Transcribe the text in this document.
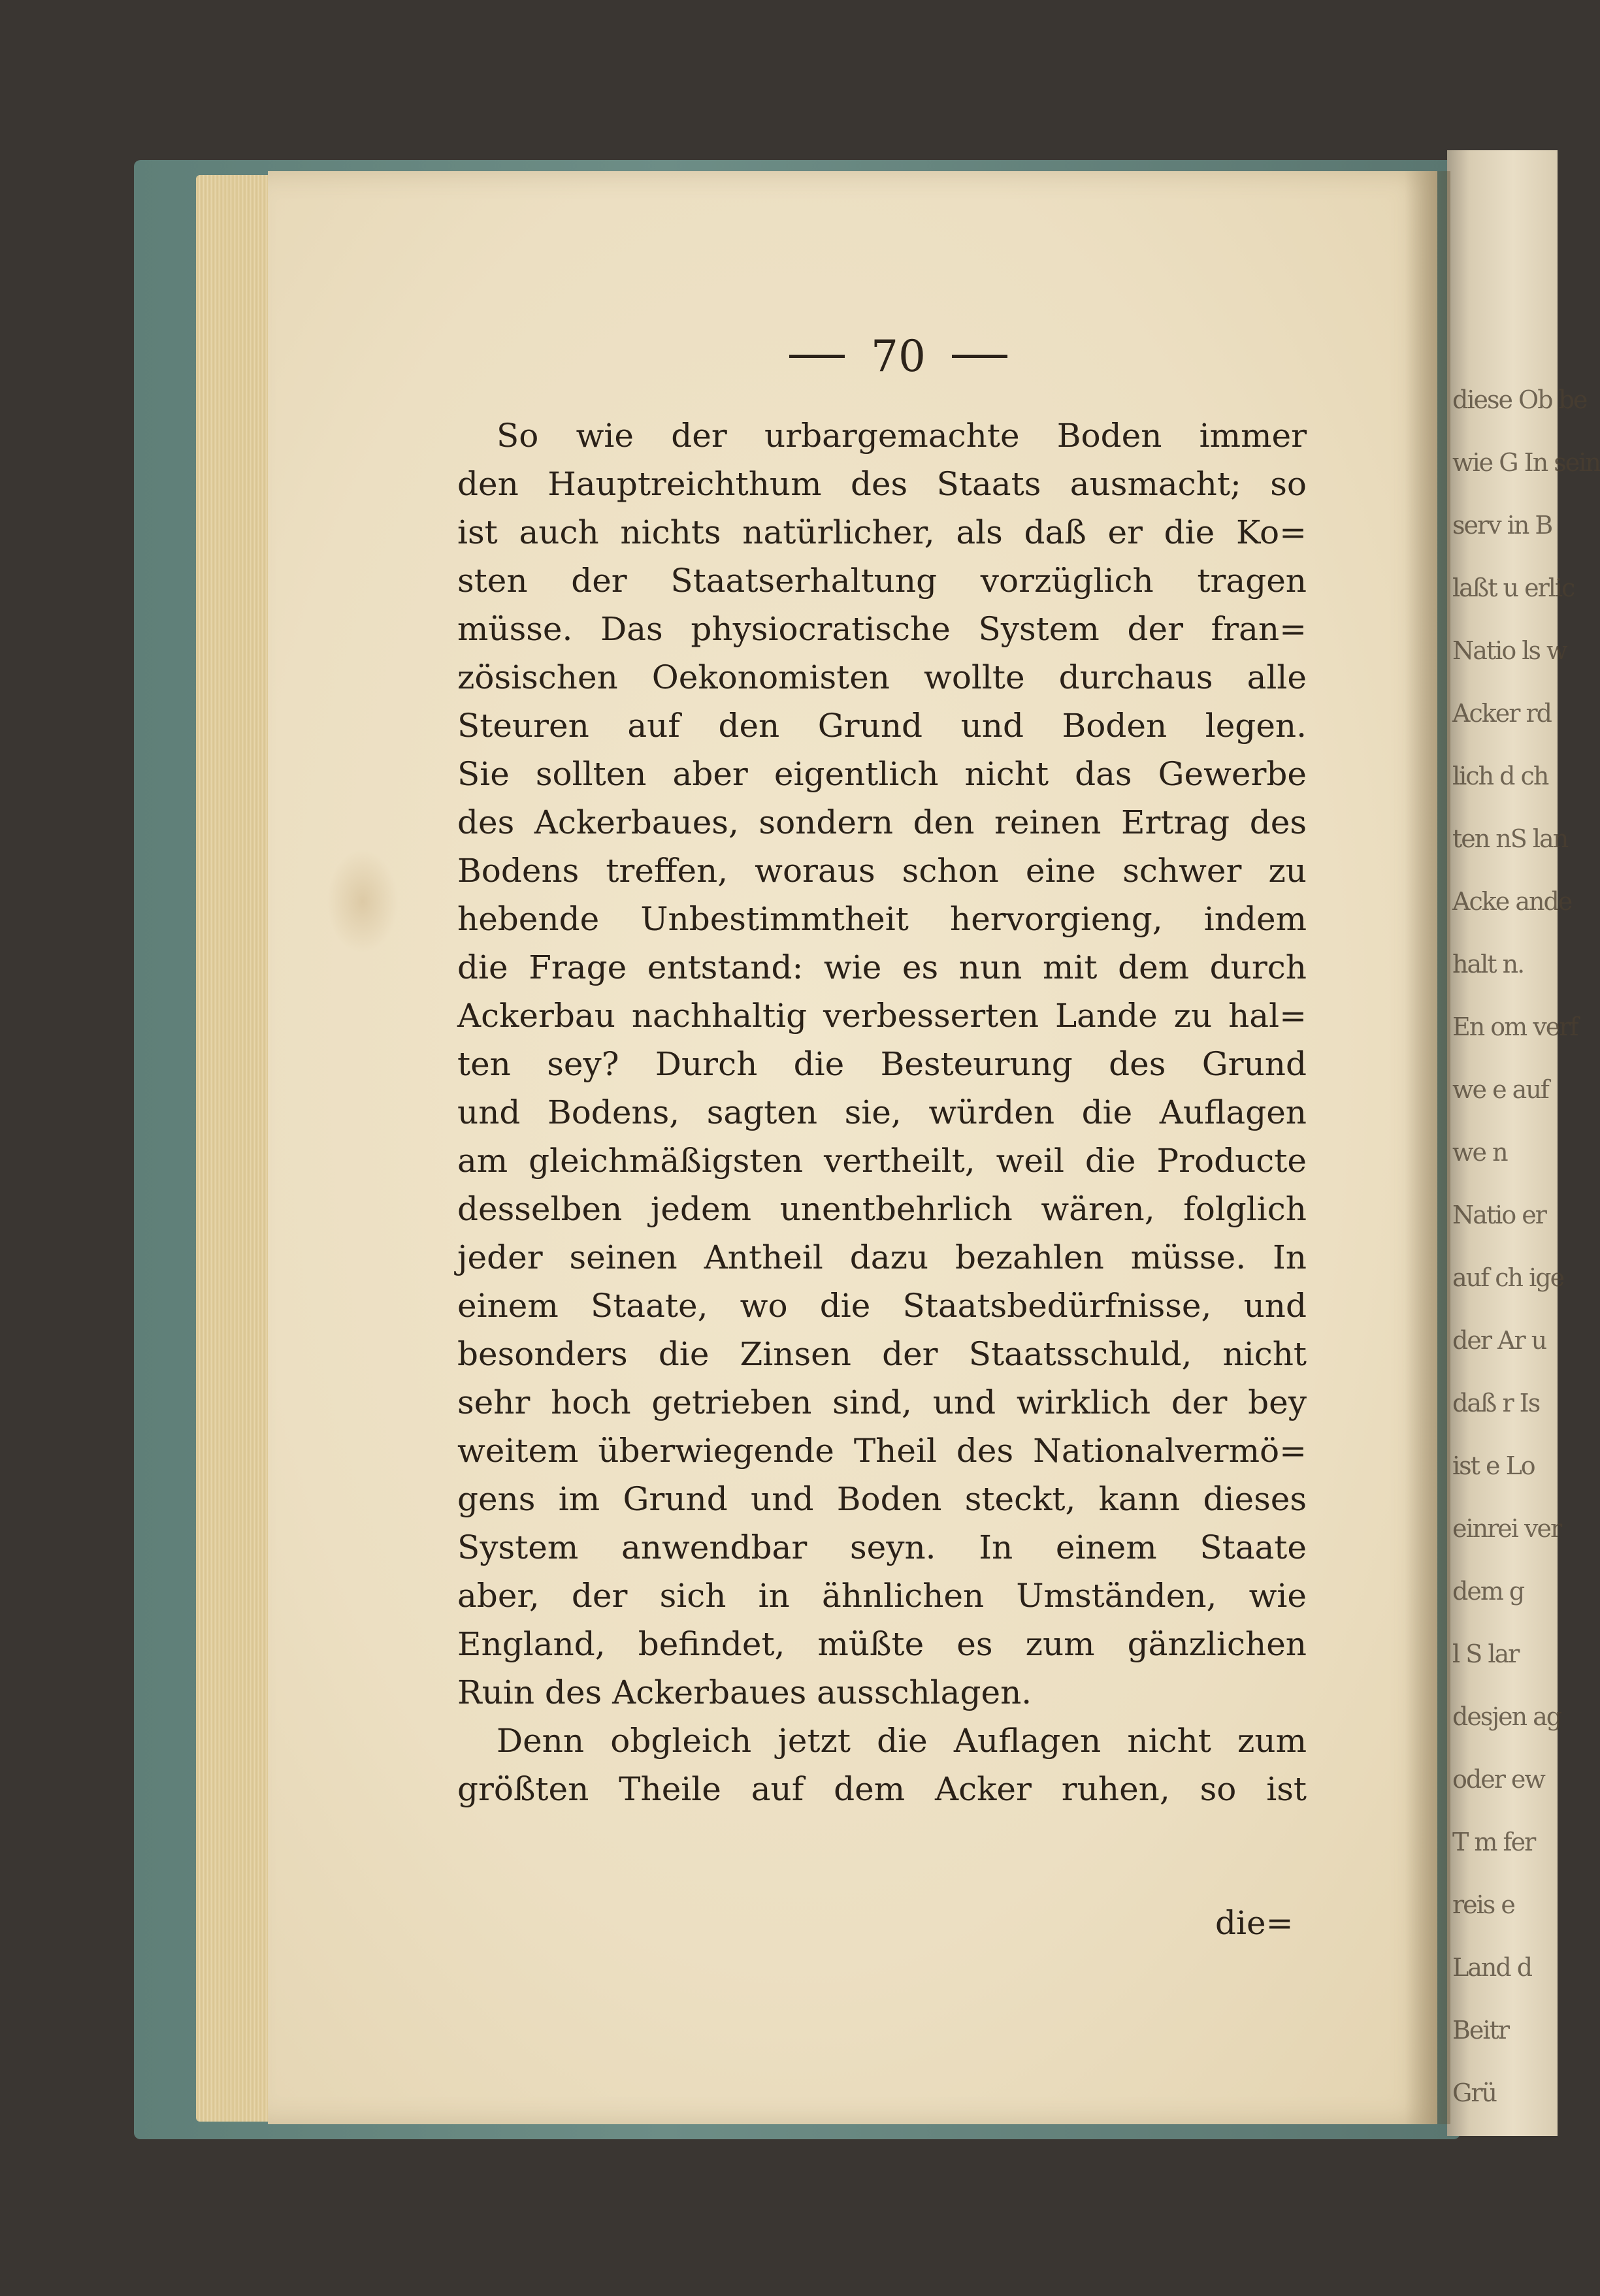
diese Ob be
wie G In sein
serv in B
laßt u erlic
Natio ls w
Acker rd
lich d ch
ten nS lan
Acke ande
halt n.
En om verf
we e auf
we n
Natio er
auf ch ige
der Ar u
daß r Is
ist e Lo
einrei ver
dem g
l S lar
desjen ag
oder ew
T m fer
reis e
Land d
Beitr
Grü
70
So wie der urbargemachte Boden immer
den Hauptreichthum des Staats ausmacht; so
ist auch nichts natürlicher, als daß er die Ko=
sten der Staatserhaltung vorzüglich tragen
müsse. Das physiocratische System der fran=
zösischen Oekonomisten wollte durchaus alle
Steuren auf den Grund und Boden legen.
Sie sollten aber eigentlich nicht das Gewerbe
des Ackerbaues, sondern den reinen Ertrag des
Bodens treffen, woraus schon eine schwer zu
hebende Unbestimmtheit hervorgieng, indem
die Frage entstand: wie es nun mit dem durch
Ackerbau nachhaltig verbesserten Lande zu hal=
ten sey? Durch die Besteurung des Grund
und Bodens, sagten sie, würden die Auflagen
am gleichmäßigsten vertheilt, weil die Producte
desselben jedem unentbehrlich wären, folglich
jeder seinen Antheil dazu bezahlen müsse. In
einem Staate, wo die Staatsbedürfnisse, und
besonders die Zinsen der Staatsschuld, nicht
sehr hoch getrieben sind, und wirklich der bey
weitem überwiegende Theil des Nationalvermö=
gens im Grund und Boden steckt, kann dieses
System anwendbar seyn. In einem Staate
aber, der sich in ähnlichen Umständen, wie
England, befindet, müßte es zum gänzlichen
Ruin des Ackerbaues ausschlagen.
Denn obgleich jetzt die Auflagen nicht zum
größten Theile auf dem Acker ruhen, so ist
die=
